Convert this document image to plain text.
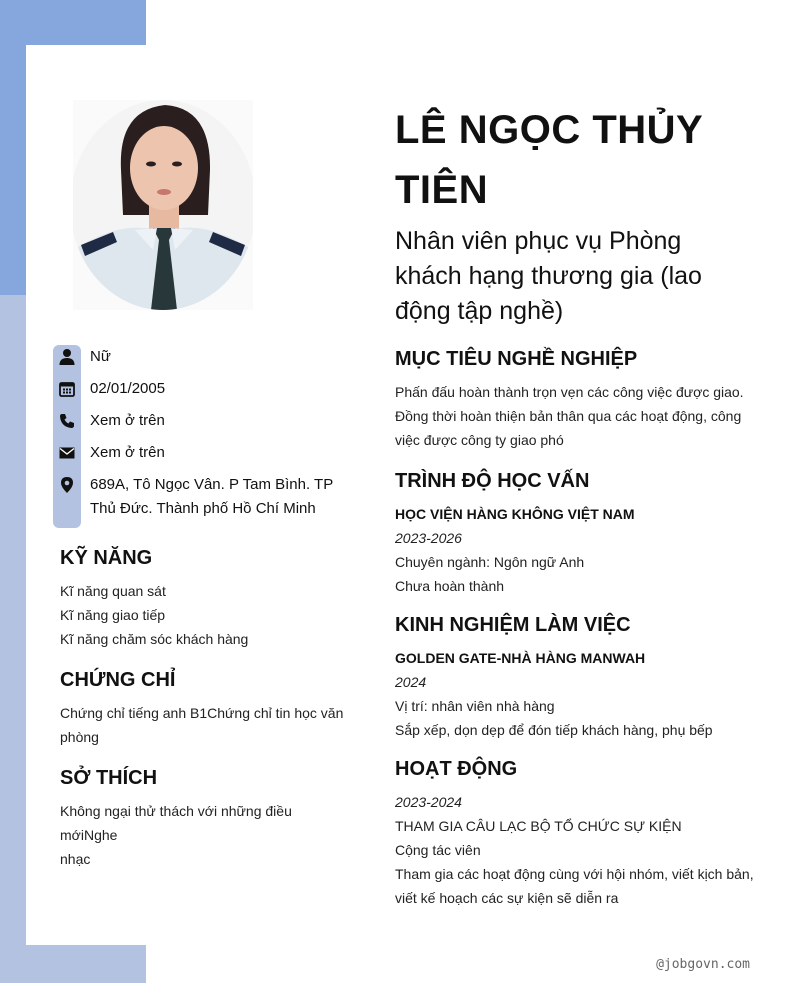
Nữ
02/01/2005
Xem ở trên
Xem ở trên
689A, Tô Ngọc Vân. P Tam Bình. TP
Thủ Đức. Thành phố Hồ Chí Minh

KỸ NĂNG

Kĩ năng quan sát

Kĩ năng giao tiếp

Kĩ năng chăm sóc khách hàng

CHỨNG CHỈ

Chứng chỉ tiếng anh B1Chứng chỉ tin học văn

phòng

SỞ THÍCH

Không ngại thử thách với những điều mớiNghe

nhạc

LÊ NGỌC THỦY

TIÊN

Nhân viên phục vụ Phòng

khách hạng thương gia (lao

động tập nghề)

MỤC TIÊU NGHỀ NGHIỆP

Phấn đấu hoàn thành trọn vẹn các công việc được giao.

Đồng thời hoàn thiện bản thân qua các hoạt động, công

việc được công ty giao phó

TRÌNH ĐỘ HỌC VẤN

HỌC VIỆN HÀNG KHÔNG VIỆT NAM

2023-2026

Chuyên ngành: Ngôn ngữ Anh

Chưa hoàn thành

KINH NGHIỆM LÀM VIỆC

GOLDEN GATE-NHÀ HÀNG MANWAH

2024

Vị trí: nhân viên nhà hàng

Sắp xếp, dọn dẹp để đón tiếp khách hàng, phụ bếp

HOẠT ĐỘNG

2023-2024

THAM GIA CÂU LẠC BỘ TỔ CHỨC SỰ KIỆN

Cộng tác viên

Tham gia các hoạt động cùng với hội nhóm, viết kịch bản,

viết kế hoạch các sự kiện sẽ diễn ra

@jobgovn.com
